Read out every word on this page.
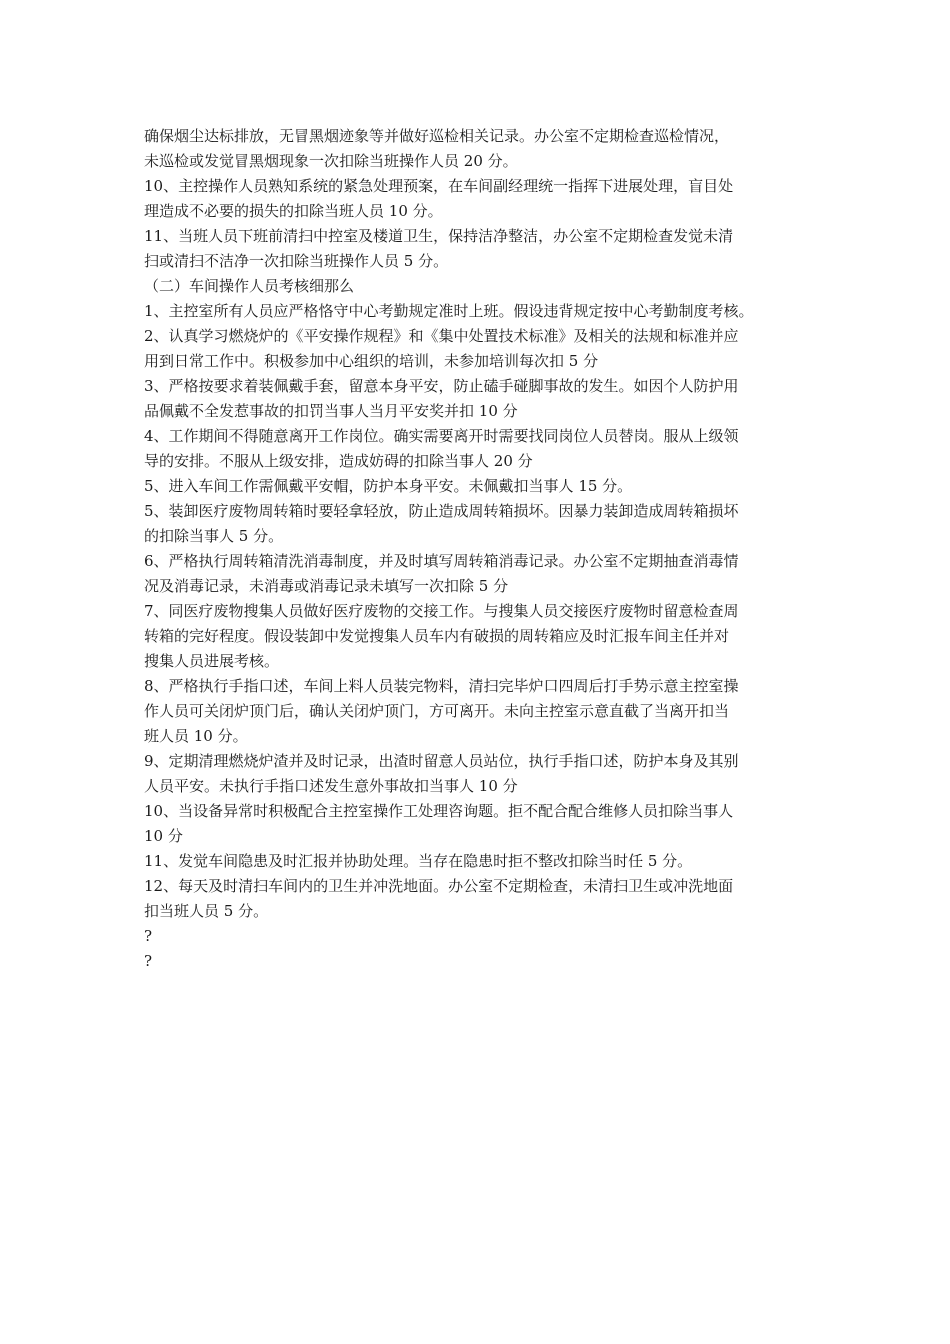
确保烟尘达标排放，无冒黑烟迹象等并做好巡检相关记录。办公室不定期检查巡检情况，
未巡检或发觉冒黑烟现象一次扣除当班操作人员 20 分。
10、主控操作人员熟知系统的紧急处理预案，在车间副经理统一指挥下进展处理，盲目处
理造成不必要的损失的扣除当班人员 10 分。
11、当班人员下班前清扫中控室及楼道卫生，保持洁净整洁，办公室不定期检查发觉未清
扫或清扫不洁净一次扣除当班操作人员 5 分。
（二）车间操作人员考核细那么
1、主控室所有人员应严格恪守中心考勤规定准时上班。假设违背规定按中心考勤制度考核。
2、认真学习燃烧炉的《平安操作规程》和《集中处置技术标准》及相关的法规和标准并应
用到日常工作中。积极参加中心组织的培训，未参加培训每次扣 5 分
3、严格按要求着装佩戴手套，留意本身平安，防止磕手碰脚事故的发生。如因个人防护用
品佩戴不全发惹事故的扣罚当事人当月平安奖并扣 10 分
4、工作期间不得随意离开工作岗位。确实需要离开时需要找同岗位人员替岗。服从上级领
导的安排。不服从上级安排，造成妨碍的扣除当事人 20 分
5、进入车间工作需佩戴平安帽，防护本身平安。未佩戴扣当事人 15 分。
5、装卸医疗废物周转箱时要轻拿轻放，防止造成周转箱损坏。因暴力装卸造成周转箱损坏
的扣除当事人 5 分。
6、严格执行周转箱清洗消毒制度，并及时填写周转箱消毒记录。办公室不定期抽查消毒情
况及消毒记录，未消毒或消毒记录未填写一次扣除 5 分
7、同医疗废物搜集人员做好医疗废物的交接工作。与搜集人员交接医疗废物时留意检查周
转箱的完好程度。假设装卸中发觉搜集人员车内有破损的周转箱应及时汇报车间主任并对
搜集人员进展考核。
8、严格执行手指口述，车间上料人员装完物料，清扫完毕炉口四周后打手势示意主控室操
作人员可关闭炉顶门后，确认关闭炉顶门，方可离开。未向主控室示意直截了当离开扣当
班人员 10 分。
9、定期清理燃烧炉渣并及时记录，出渣时留意人员站位，执行手指口述，防护本身及其别
人员平安。未执行手指口述发生意外事故扣当事人 10 分
10、当设备异常时积极配合主控室操作工处理咨询题。拒不配合配合维修人员扣除当事人
10 分
11、发觉车间隐患及时汇报并协助处理。当存在隐患时拒不整改扣除当时任 5 分。
12、每天及时清扫车间内的卫生并冲洗地面。办公室不定期检查，未清扫卫生或冲洗地面
扣当班人员 5 分。
?
?
